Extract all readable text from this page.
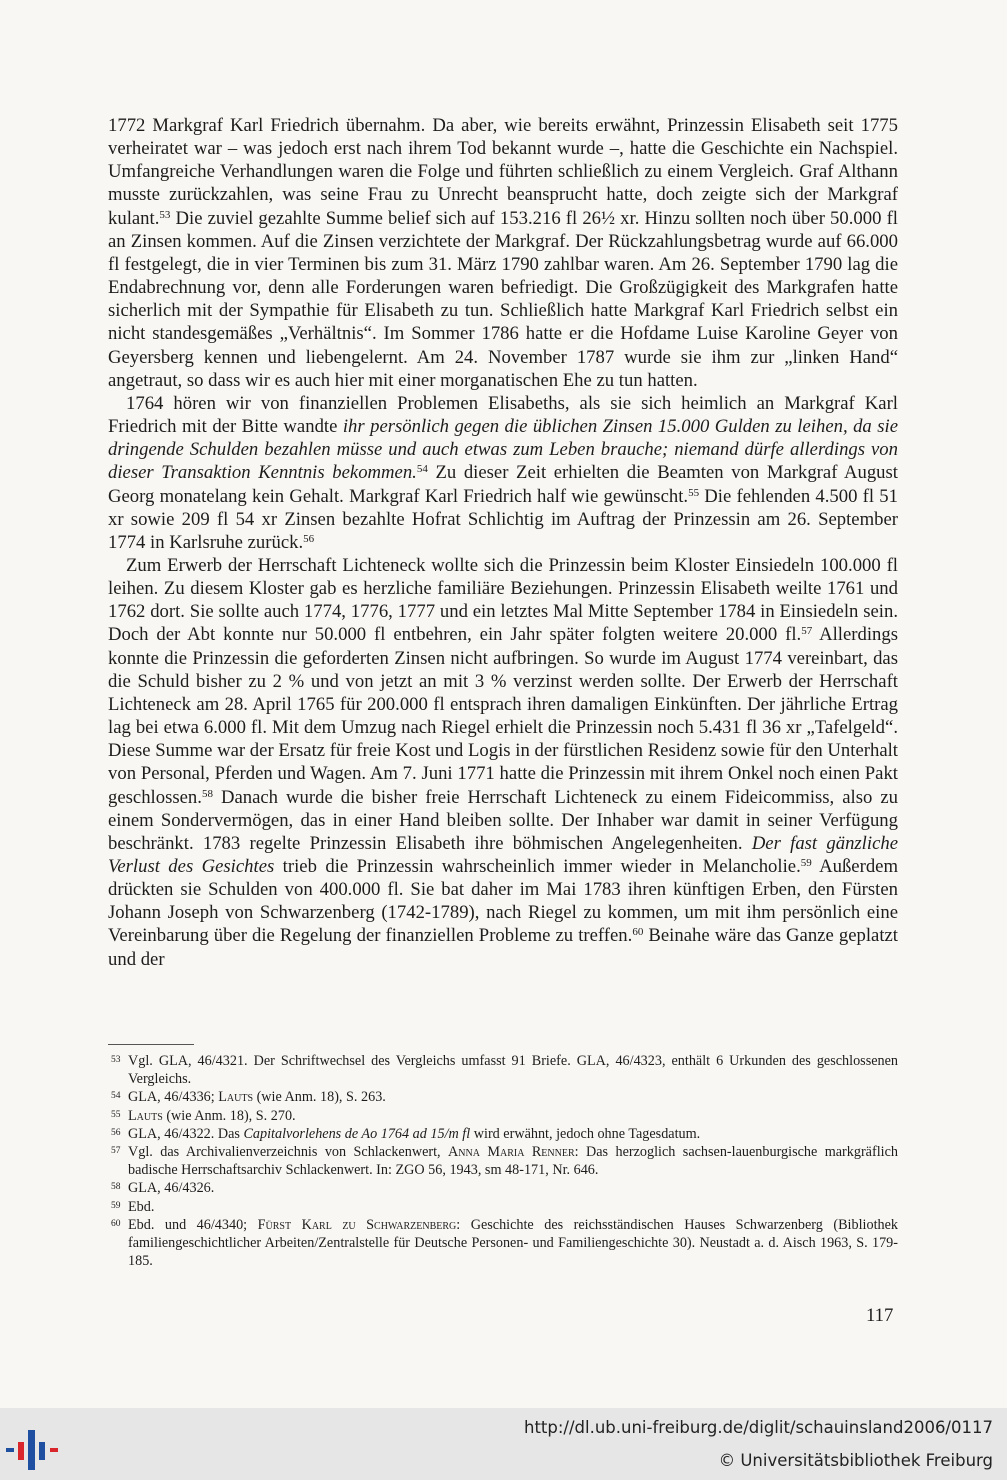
1772 Markgraf Karl Friedrich übernahm. Da aber, wie bereits erwähnt, Prinzessin Elisabeth seit 1775 verheiratet war – was jedoch erst nach ihrem Tod bekannt wurde –, hatte die Geschichte ein Nachspiel. Umfangreiche Verhandlungen waren die Folge und führten schließlich zu einem Vergleich. Graf Althann musste zurückzahlen, was seine Frau zu Unrecht beansprucht hatte, doch zeigte sich der Markgraf kulant.$^{53}$ Die zuviel gezahlte Summe belief sich auf 153.216 fl 26½ xr. Hinzu sollten noch über 50.000 fl an Zinsen kommen. Auf die Zinsen verzichtete der Markgraf. Der Rückzahlungsbetrag wurde auf 66.000 fl festgelegt, die in vier Terminen bis zum 31. März 1790 zahlbar waren. Am 26. September 1790 lag die Endabrechnung vor, denn alle Forderungen waren befriedigt. Die Großzügigkeit des Markgrafen hatte sicherlich mit der Sympathie für Elisabeth zu tun. Schließlich hatte Markgraf Karl Friedrich selbst ein nicht standesgemäßes „Verhältnis“. Im Sommer 1786 hatte er die Hofdame Luise Karoline Geyer von Geyersberg kennen und liebengelernt. Am 24. November 1787 wurde sie ihm zur „linken Hand“ angetraut, so dass wir es auch hier mit einer morganatischen Ehe zu tun hatten.

1764 hören wir von finanziellen Problemen Elisabeths, als sie sich heimlich an Markgraf Karl Friedrich mit der Bitte wandte ihr persönlich gegen die üblichen Zinsen 15.000 Gulden zu leihen, da sie dringende Schulden bezahlen müsse und auch etwas zum Leben brauche; niemand dürfe allerdings von dieser Transaktion Kenntnis bekommen.$^{54}$ Zu dieser Zeit erhielten die Beamten von Markgraf August Georg monatelang kein Gehalt. Markgraf Karl Friedrich half wie gewünscht.$^{55}$ Die fehlenden 4.500 fl 51 xr sowie 209 fl 54 xr Zinsen bezahlte Hofrat Schlichtig im Auftrag der Prinzessin am 26. September 1774 in Karlsruhe zurück.$^{56}$

Zum Erwerb der Herrschaft Lichteneck wollte sich die Prinzessin beim Kloster Einsiedeln 100.000 fl leihen. Zu diesem Kloster gab es herzliche familiäre Beziehungen. Prinzessin Elisabeth weilte 1761 und 1762 dort. Sie sollte auch 1774, 1776, 1777 und ein letztes Mal Mitte September 1784 in Einsiedeln sein. Doch der Abt konnte nur 50.000 fl entbehren, ein Jahr später folgten weitere 20.000 fl.$^{57}$ Allerdings konnte die Prinzessin die geforderten Zinsen nicht aufbringen. So wurde im August 1774 vereinbart, das die Schuld bisher zu 2 % und von jetzt an mit 3 % verzinst werden sollte. Der Erwerb der Herrschaft Lichteneck am 28. April 1765 für 200.000 fl entsprach ihren damaligen Einkünften. Der jährliche Ertrag lag bei etwa 6.000 fl. Mit dem Umzug nach Riegel erhielt die Prinzessin noch 5.431 fl 36 xr „Tafelgeld“. Diese Summe war der Ersatz für freie Kost und Logis in der fürstlichen Residenz sowie für den Unterhalt von Personal, Pferden und Wagen. Am 7. Juni 1771 hatte die Prinzessin mit ihrem Onkel noch einen Pakt geschlossen.$^{58}$ Danach wurde die bisher freie Herrschaft Lichteneck zu einem Fideicommiss, also zu einem Sondervermögen, das in einer Hand bleiben sollte. Der Inhaber war damit in seiner Verfügung beschränkt. 1783 regelte Prinzessin Elisabeth ihre böhmischen Angelegenheiten. Der fast gänzliche Verlust des Gesichtes trieb die Prinzessin wahrscheinlich immer wieder in Melancholie.$^{59}$ Außerdem drückten sie Schulden von 400.000 fl. Sie bat daher im Mai 1783 ihren künftigen Erben, den Fürsten Johann Joseph von Schwarzenberg (1742-1789), nach Riegel zu kommen, um mit ihm persönlich eine Vereinbarung über die Regelung der finanziellen Probleme zu treffen.$^{60}$ Beinahe wäre das Ganze geplatzt und der

53 Vgl. GLA, 46/4321. Der Schriftwechsel des Vergleichs umfasst 91 Briefe. GLA, 46/4323, enthält 6 Urkunden des geschlossenen Vergleichs.

54 GLA, 46/4336; Lauts (wie Anm. 18), S. 263.

55 Lauts (wie Anm. 18), S. 270.

56 GLA, 46/4322. Das Capitalvorlehens de Ao 1764 ad 15/m fl wird erwähnt, jedoch ohne Tagesdatum.

57 Vgl. das Archivalienverzeichnis von Schlackenwert, Anna Maria Renner: Das herzoglich sachsen-lauenburgische markgräflich badische Herrschaftsarchiv Schlackenwert. In: ZGO 56, 1943, sm 48-171, Nr. 646.

58 GLA, 46/4326.

59 Ebd.

60 Ebd. und 46/4340; Fürst Karl zu Schwarzenberg: Geschichte des reichsständischen Hauses Schwarzenberg (Bibliothek familiengeschichtlicher Arbeiten/Zentralstelle für Deutsche Personen- und Familiengeschichte 30). Neustadt a. d. Aisch 1963, S. 179-185.

117
http://dl.ub.uni-freiburg.de/diglit/schauinsland2006/0117
© Universitätsbibliothek Freiburg
